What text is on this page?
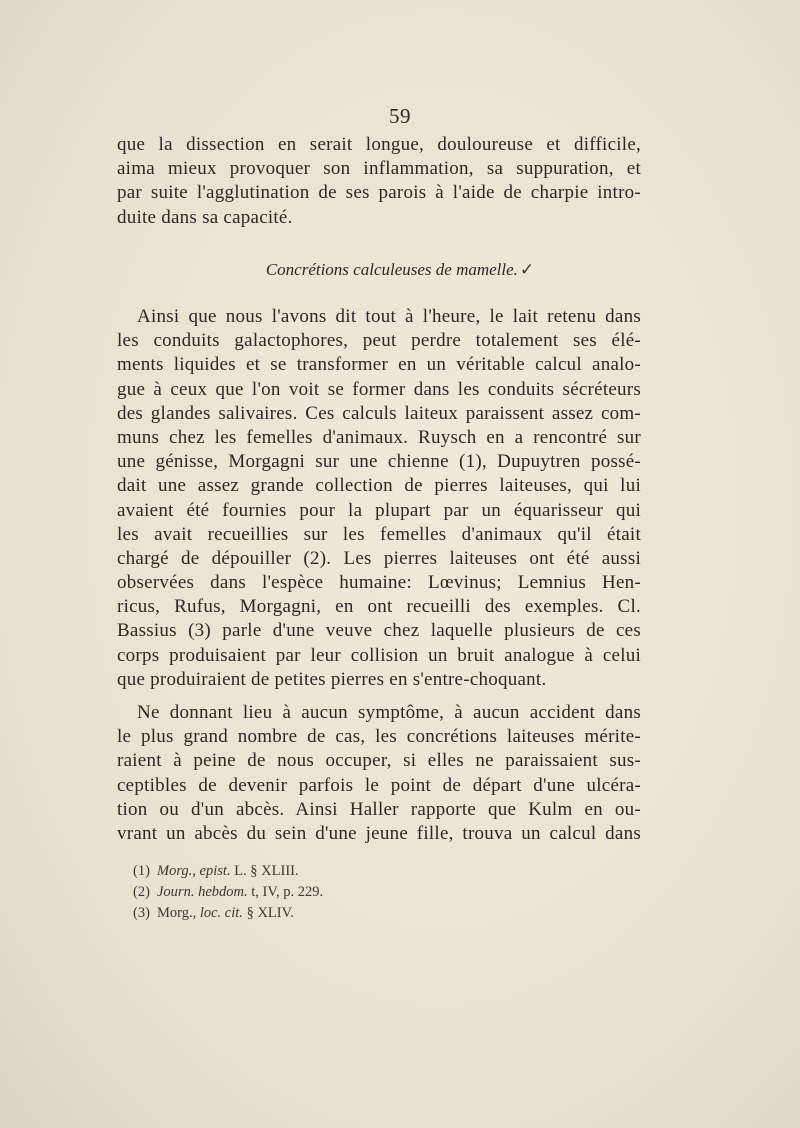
59
que la dissection en serait longue, douloureuse et difficile,
aima mieux provoquer son inflammation, sa suppuration, et
par suite l'agglutination de ses parois à l'aide de charpie intro-
duite dans sa capacité.
Concrétions calculeuses de mamelle. ✓
Ainsi que nous l'avons dit tout à l'heure, le lait retenu dans
les conduits galactophores, peut perdre totalement ses élé-
ments liquides et se transformer en un véritable calcul analo-
gue à ceux que l'on voit se former dans les conduits sécréteurs
des glandes salivaires. Ces calculs laiteux paraissent assez com-
muns chez les femelles d'animaux. Ruysch en a rencontré sur
une génisse, Morgagni sur une chienne (1), Dupuytren possé-
dait une assez grande collection de pierres laiteuses, qui lui
avaient été fournies pour la plupart par un équarisseur qui
les avait recueillies sur les femelles d'animaux qu'il était
chargé de dépouiller (2). Les pierres laiteuses ont été aussi
observées dans l'espèce humaine: Lœvinus; Lemnius Hen-
ricus, Rufus, Morgagni, en ont recueilli des exemples. Cl.
Bassius (3) parle d'une veuve chez laquelle plusieurs de ces
corps produisaient par leur collision un bruit analogue à celui
que produiraient de petites pierres en s'entre-choquant.
Ne donnant lieu à aucun symptôme, à aucun accident dans
le plus grand nombre de cas, les concrétions laiteuses mérite-
raient à peine de nous occuper, si elles ne paraissaient sus-
ceptibles de devenir parfois le point de départ d'une ulcéra-
tion ou d'un abcès. Ainsi Haller rapporte que Kulm en ou-
vrant un abcès du sein d'une jeune fille, trouva un calcul dans
(1) Morg., epist. L. § XLIII.
(2) Journ. hebdom. t, IV, p. 229.
(3) Morg., loc. cit. § XLIV.
